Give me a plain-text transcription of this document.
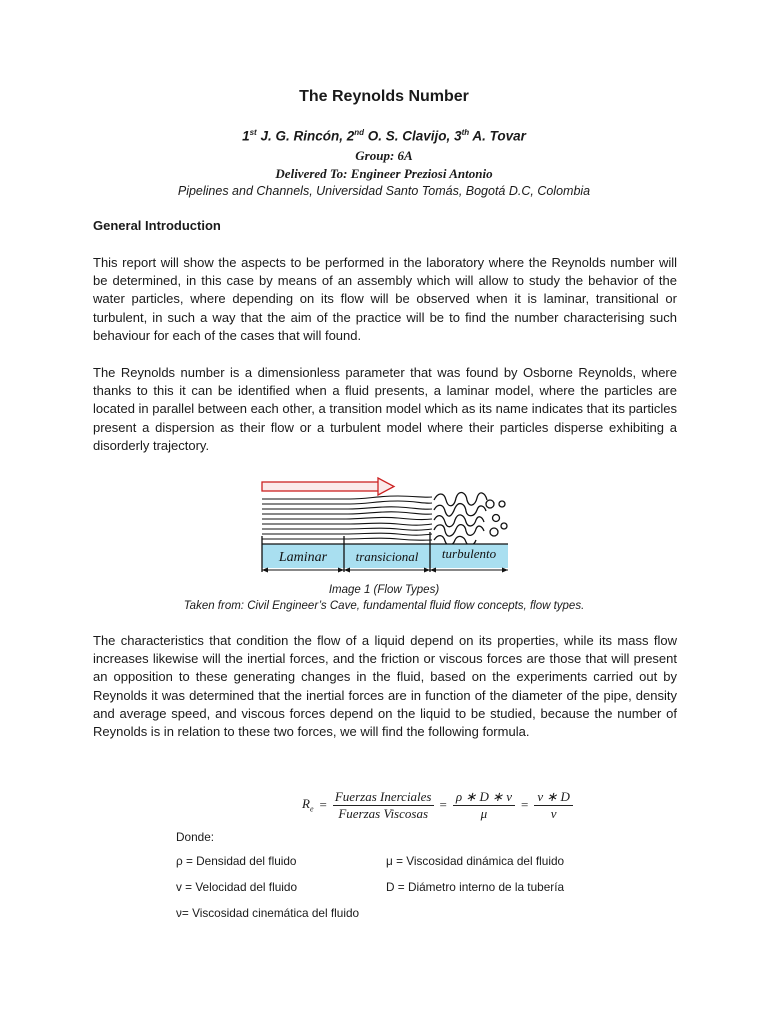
The Reynolds Number
1st J. G. Rincón, 2nd O. S. Clavijo, 3th A. Tovar
Group: 6A
Delivered To: Engineer Preziosi Antonio
Pipelines and Channels, Universidad Santo Tomás, Bogotá D.C, Colombia
General Introduction
This report will show the aspects to be performed in the laboratory where the Reynolds number will be determined, in this case by means of an assembly which will allow to study the behavior of the water particles, where depending on its flow will be observed when it is laminar, transitional or turbulent, in such a way that the aim of the practice will be to find the number characterising such behaviour for each of the cases that will found.
The Reynolds number is a dimensionless parameter that was found by Osborne Reynolds, where thanks to this it can be identified when a fluid presents, a laminar model, where the particles are located in parallel between each other, a transition model which as its name indicates that its particles present a dispersion as their flow or a turbulent model where their particles disperse exhibiting a disorderly trajectory.
Laminar transicional turbulento
Image 1 (Flow Types)
Taken from: Civil Engineer’s Cave, fundamental fluid flow concepts, flow types.
The characteristics that condition the flow of a liquid depend on its properties, while its mass flow increases likewise will the inertial forces, and the friction or viscous forces are those that will present an opposition to these generating changes in the fluid, based on the experiments carried out by Reynolds it was determined that the inertial forces are in function of the diameter of the pipe, density and average speed, and viscous forces depend on the liquid to be studied, because the number of Reynolds is in relation to these two forces, we will find the following formula.
$R_e$ =
Fuerzas Inerciales
Fuerzas Viscosas
= $\frac{\rho ∗ D ∗ v}{\mu} = \frac{v ∗ D}{\nu}$
Donde:
ρ = Densidad del fluido	μ = Viscosidad dinámica del fluido
v = Velocidad del fluido	D = Diámetro interno de la tubería
ν= Viscosidad cinemática del fluido
